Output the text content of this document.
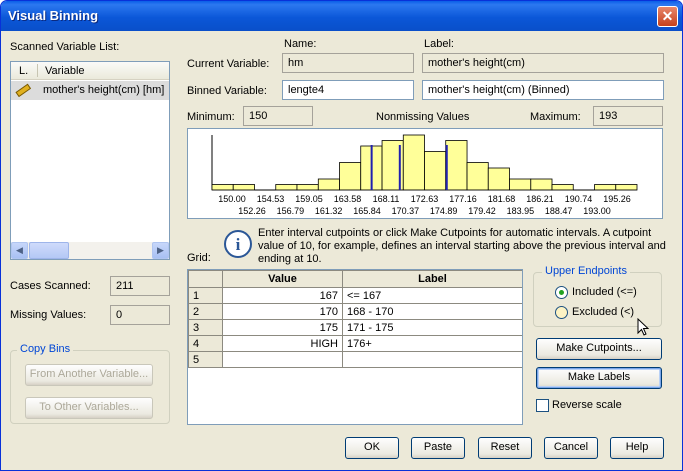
Visual Binning	✕
Scanned Variable List:
L. Variable
mother's height(cm) [hm]
◀	▶
Name:	Label:
Current Variable:	hm	mother's height(cm)
Binned Variable:	lengte4	mother's height(cm) (Binned)
Minimum:	150	Nonmissing Values	Maximum:	193
150.00 154.53 159.05 163.58 168.11 172.63 177.16 181.68 186.21 190.74 195.26
152.26 156.79 161.32 165.84 170.37 174.89 179.42 183.95 188.47 193.00
i
Enter interval cutpoints or click Make Cutpoints for automatic intervals. A cutpoint value of 10, for example, defines an interval starting above the previous interval and ending at 10.
Grid:
	Value	Label
1	167	<= 167
2	170	168 - 170
3	175	171 - 175
4	HIGH	176+
5		
Cases Scanned:	211
Missing Values:	0
Copy Bins
From Another Variable...
To Other Variables...
Upper Endpoints
Included (<=)
Excluded (<)
Make Cutpoints...
Make Labels
Reverse scale
OK	Paste	Reset	Cancel	Help
